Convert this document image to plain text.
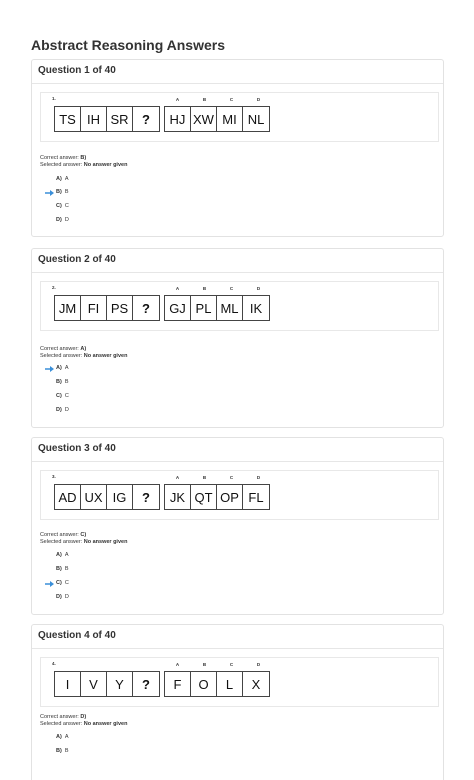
Abstract Reasoning Answers
Question 1 of 40
1.
TS IH SR	?
A	B	C	D
HJ XW MI NL
Correct answer: B)
Selected answer: No answer given
A) A
B) B
C) C
D) D
Question 2 of 40
2.
JM FI PS	?
A	B	C	D
GJ PL ML IK
Correct answer: A)
Selected answer: No answer given
A) A
B) B
C) C
D) D
Question 3 of 40
3.
AD UX IG	?
A	B	C	D
JK QT OP FL
Correct answer: C)
Selected answer: No answer given
A) A
B) B
C) C
D) D
Question 4 of 40
4.
I	V	Y	?
A	B	C	D
F	O	L	X
Correct answer: D)
Selected answer: No answer given
A) A
B) B
